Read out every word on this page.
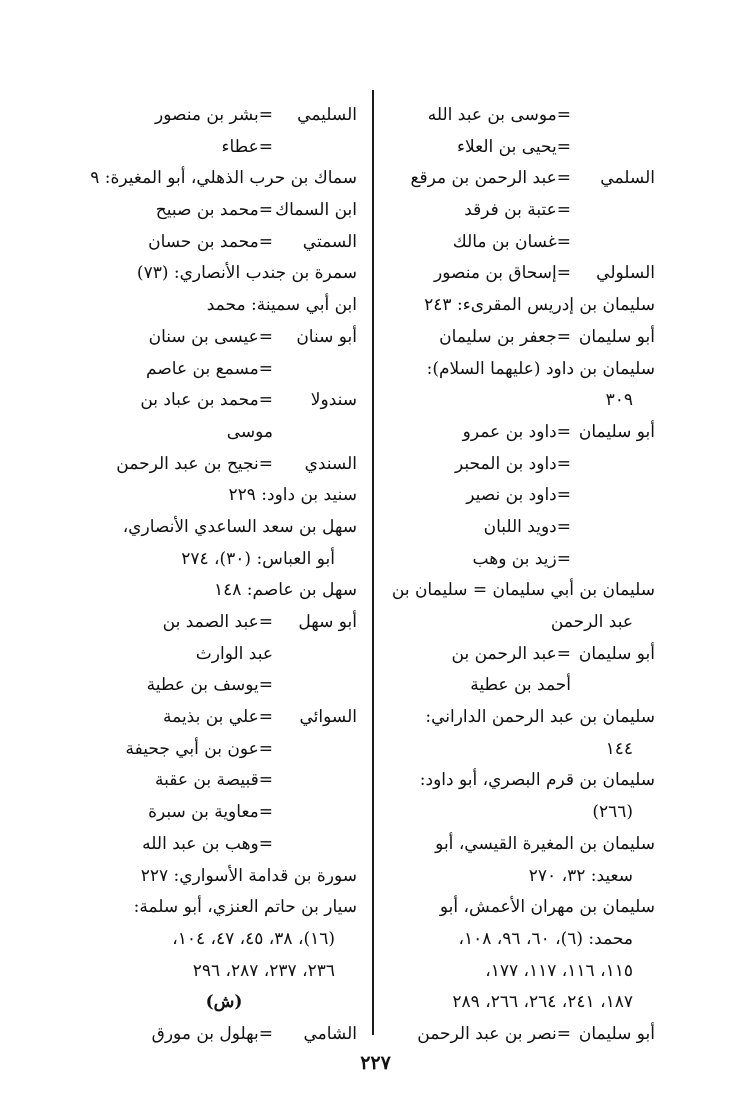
=موسى بن عبد الله
=يحيى بن العلاء
السلمي
=عبد الرحمن بن مرقع
=عتبة بن فرقد
=غسان بن مالك
السلولي
=إسحاق بن منصور
سليمان بن إدريس المقرىء: ٢٤٣
أبو سليمان
=جعفر بن سليمان
سليمان بن داود (عليهما السلام):
٣٠٩
أبو سليمان
=داود بن عمرو
=داود بن المحبر
=داود بن نصير
=دويد اللبان
=زيد بن وهب
سليمان بن أبي سليمان = سليمان بن
عبد الرحمن
أبو سليمان
=عبد الرحمن بن
أحمد بن عطية
سليمان بن عبد الرحمن الداراني:
١٤٤
سليمان بن قرم البصري، أبو داود:
(٢٦٦)
سليمان بن المغيرة القيسي، أبو
سعيد: ٣٢، ٢٧٠
سليمان بن مهران الأعمش، أبو
محمد: (٦)، ٦٠، ٩٦، ١٠٨،
١١٥، ١١٦، ١١٧، ١٧٧،
١٨٧، ٢٤١، ٢٦٤، ٢٦٦، ٢٨٩
أبو سليمان
=نصر بن عبد الرحمن
السليمي
=بشر بن منصور
=عطاء
سماك بن حرب الذهلي، أبو المغيرة: ٩
ابن السماك
=محمد بن صبيح
السمتي
=محمد بن حسان
سمرة بن جندب الأنصاري: (٧٣)
ابن أبي سمينة: محمد
أبو سنان
=عيسى بن سنان
=مسمع بن عاصم
سندولا
=محمد بن عباد بن
موسى
السندي
=نجيح بن عبد الرحمن
سنيد بن داود: ٢٢٩
سهل بن سعد الساعدي الأنصاري،
أبو العباس: (٣٠)، ٢٧٤
سهل بن عاصم: ١٤٨
أبو سهل
=عبد الصمد بن
عبد الوارث
=يوسف بن عطية
السوائي
=علي بن بذيمة
=عون بن أبي جحيفة
=قبيصة بن عقبة
=معاوية بن سبرة
=وهب بن عبد الله
سورة بن قدامة الأسواري: ٢٢٧
سيار بن حاتم العنزي، أبو سلمة:
(١٦)، ٣٨، ٤٥، ٤٧، ١٠٤،
٢٣٦، ٢٣٧، ٢٨٧، ٢٩٦
(ش)
الشامي
=بهلول بن مورق
٢٢٧
